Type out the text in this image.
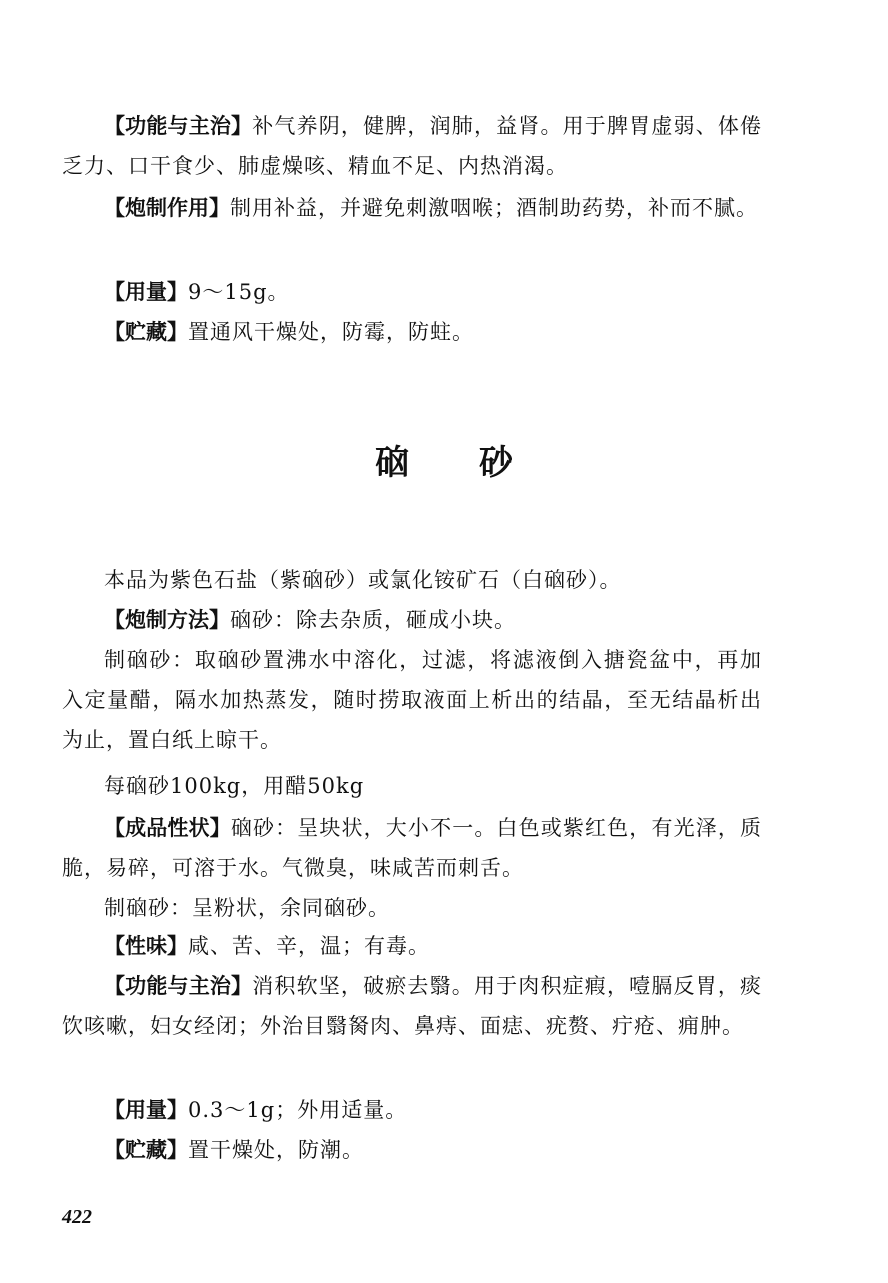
【功能与主治】补气养阴，健脾，润肺，益肾。用于脾胃虚弱、体倦乏力、口干食少、肺虚燥咳、精血不足、内热消渴。

【炮制作用】制用补益，并避免刺激咽喉；酒制助药势，补而不腻。

【用量】9～15g。

【贮藏】置通风干燥处，防霉，防蛀。

硇砂

本品为紫色石盐（紫硇砂）或氯化铵矿石（白硇砂）。

【炮制方法】硇砂：除去杂质，砸成小块。

制硇砂：取硇砂置沸水中溶化，过滤，将滤液倒入搪瓷盆中，再加入定量醋，隔水加热蒸发，随时捞取液面上析出的结晶，至无结晶析出为止，置白纸上晾干。

每硇砂100kg，用醋50kg

【成品性状】硇砂：呈块状，大小不一。白色或紫红色，有光泽，质脆，易碎，可溶于水。气微臭，味咸苦而刺舌。

制硇砂：呈粉状，余同硇砂。

【性味】咸、苦、辛，温；有毒。

【功能与主治】消积软坚，破瘀去翳。用于肉积症瘕，噎膈反胃，痰饮咳嗽，妇女经闭；外治目翳胬肉、鼻痔、面痣、疣赘、疔疮、痈肿。

【用量】0.3～1g；外用适量。

【贮藏】置干燥处，防潮。

422
